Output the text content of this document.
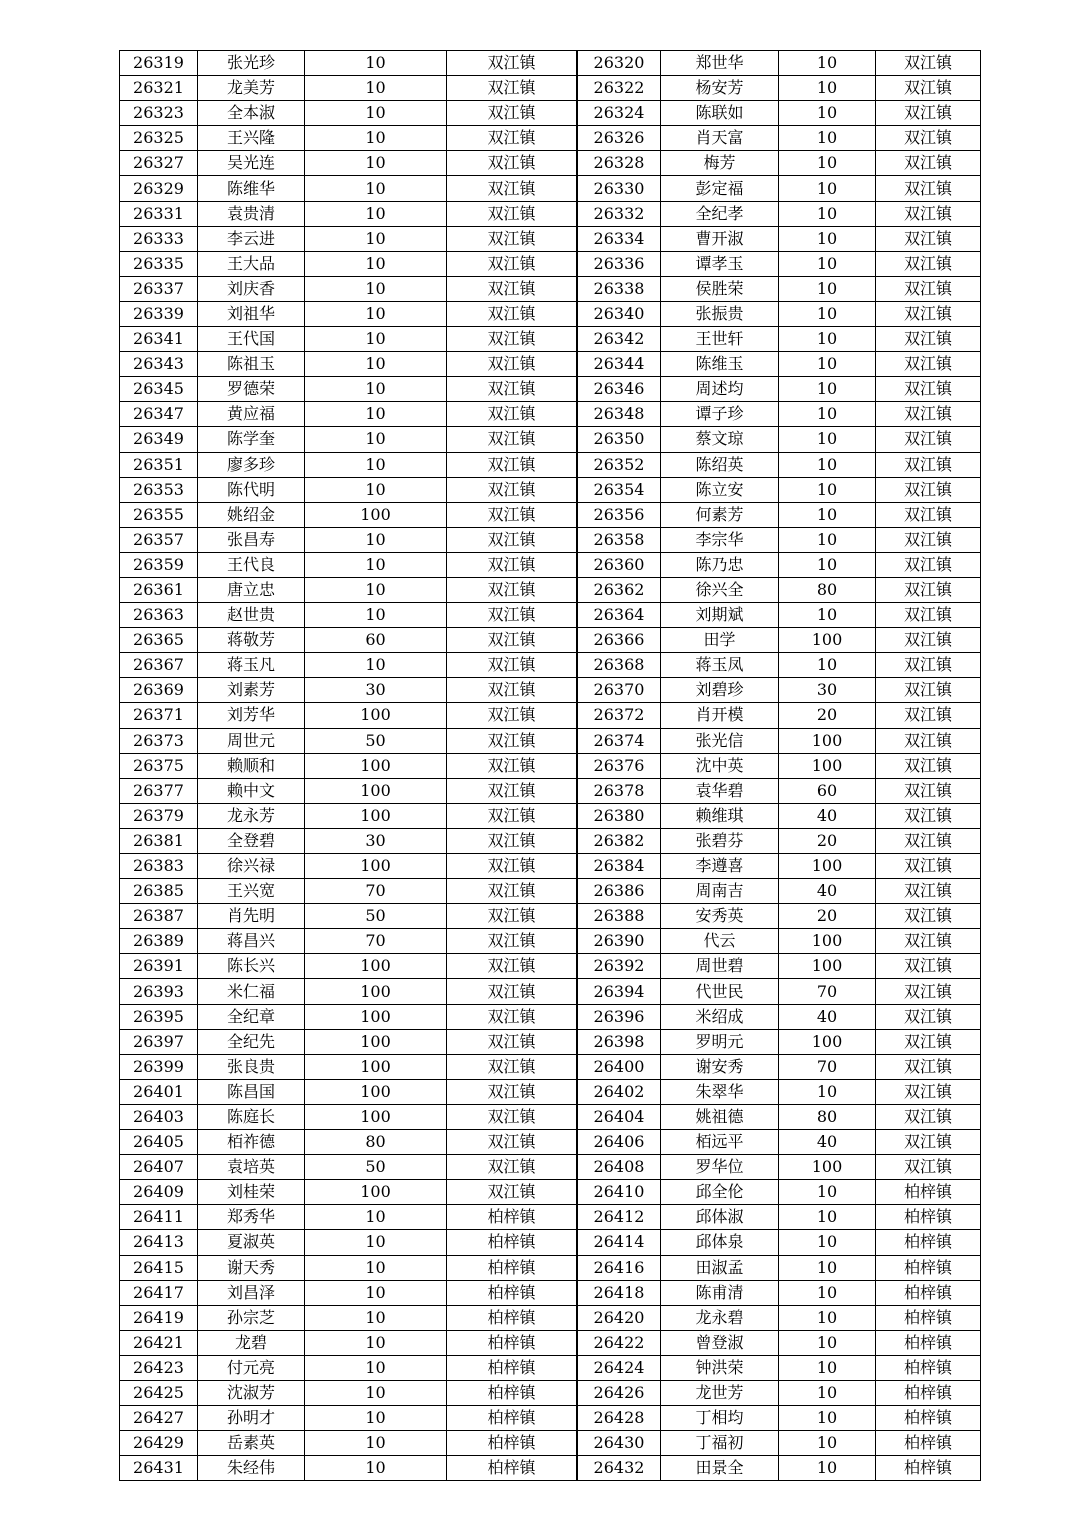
26319	张光珍	10	双江镇	26320	郑世华	10	双江镇
26321	龙美芳	10	双江镇	26322	杨安芳	10	双江镇
26323	全本淑	10	双江镇	26324	陈联如	10	双江镇
26325	王兴隆	10	双江镇	26326	肖天富	10	双江镇
26327	吴光连	10	双江镇	26328	梅芳	10	双江镇
26329	陈维华	10	双江镇	26330	彭定福	10	双江镇
26331	袁贵清	10	双江镇	26332	全纪孝	10	双江镇
26333	李云进	10	双江镇	26334	曹开淑	10	双江镇
26335	王大品	10	双江镇	26336	谭孝玉	10	双江镇
26337	刘庆香	10	双江镇	26338	侯胜荣	10	双江镇
26339	刘祖华	10	双江镇	26340	张振贵	10	双江镇
26341	王代国	10	双江镇	26342	王世轩	10	双江镇
26343	陈祖玉	10	双江镇	26344	陈维玉	10	双江镇
26345	罗德荣	10	双江镇	26346	周述均	10	双江镇
26347	黄应福	10	双江镇	26348	谭子珍	10	双江镇
26349	陈学奎	10	双江镇	26350	蔡文琼	10	双江镇
26351	廖多珍	10	双江镇	26352	陈绍英	10	双江镇
26353	陈代明	10	双江镇	26354	陈立安	10	双江镇
26355	姚绍金	100	双江镇	26356	何素芳	10	双江镇
26357	张昌寿	10	双江镇	26358	李宗华	10	双江镇
26359	王代良	10	双江镇	26360	陈乃忠	10	双江镇
26361	唐立忠	10	双江镇	26362	徐兴全	80	双江镇
26363	赵世贵	10	双江镇	26364	刘期斌	10	双江镇
26365	蒋敬芳	60	双江镇	26366	田学	100	双江镇
26367	蒋玉凡	10	双江镇	26368	蒋玉凤	10	双江镇
26369	刘素芳	30	双江镇	26370	刘碧珍	30	双江镇
26371	刘芳华	100	双江镇	26372	肖开模	20	双江镇
26373	周世元	50	双江镇	26374	张光信	100	双江镇
26375	赖顺和	100	双江镇	26376	沈中英	100	双江镇
26377	赖中文	100	双江镇	26378	袁华碧	60	双江镇
26379	龙永芳	100	双江镇	26380	赖维琪	40	双江镇
26381	全登碧	30	双江镇	26382	张碧芬	20	双江镇
26383	徐兴禄	100	双江镇	26384	李遵喜	100	双江镇
26385	王兴宽	70	双江镇	26386	周南吉	40	双江镇
26387	肖先明	50	双江镇	26388	安秀英	20	双江镇
26389	蒋昌兴	70	双江镇	26390	代云	100	双江镇
26391	陈长兴	100	双江镇	26392	周世碧	100	双江镇
26393	米仁福	100	双江镇	26394	代世民	70	双江镇
26395	全纪章	100	双江镇	26396	米绍成	40	双江镇
26397	全纪先	100	双江镇	26398	罗明元	100	双江镇
26399	张良贵	100	双江镇	26400	谢安秀	70	双江镇
26401	陈昌国	100	双江镇	26402	朱翠华	10	双江镇
26403	陈庭长	100	双江镇	26404	姚祖德	80	双江镇
26405	栢祚德	80	双江镇	26406	栢远平	40	双江镇
26407	袁培英	50	双江镇	26408	罗华位	100	双江镇
26409	刘桂荣	100	双江镇	26410	邱全伦	10	柏梓镇
26411	郑秀华	10	柏梓镇	26412	邱体淑	10	柏梓镇
26413	夏淑英	10	柏梓镇	26414	邱体泉	10	柏梓镇
26415	谢天秀	10	柏梓镇	26416	田淑孟	10	柏梓镇
26417	刘昌泽	10	柏梓镇	26418	陈甫清	10	柏梓镇
26419	孙宗芝	10	柏梓镇	26420	龙永碧	10	柏梓镇
26421	龙碧	10	柏梓镇	26422	曾登淑	10	柏梓镇
26423	付元亮	10	柏梓镇	26424	钟洪荣	10	柏梓镇
26425	沈淑芳	10	柏梓镇	26426	龙世芳	10	柏梓镇
26427	孙明才	10	柏梓镇	26428	丁相均	10	柏梓镇
26429	岳素英	10	柏梓镇	26430	丁福初	10	柏梓镇
26431	朱经伟	10	柏梓镇	26432	田景全	10	柏梓镇
